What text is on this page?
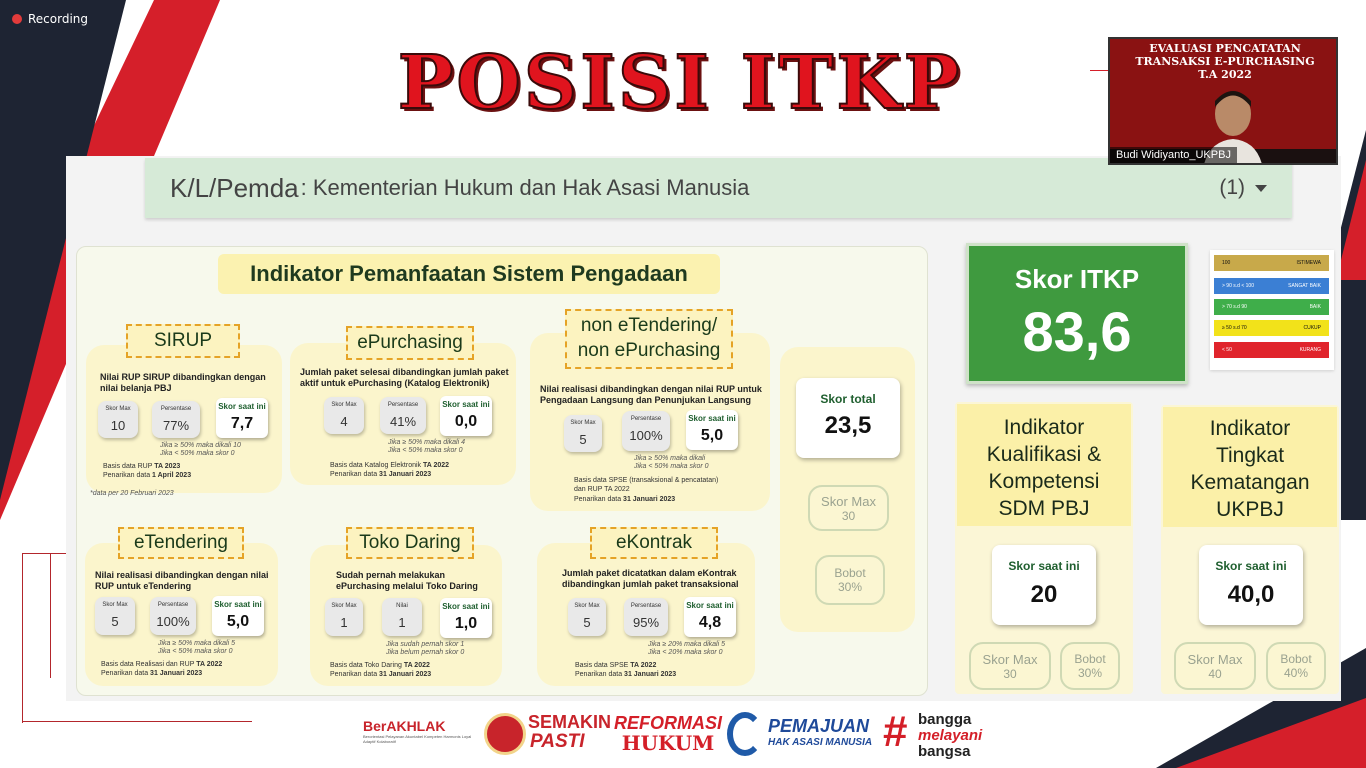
Recording
POSISI ITKP
K/L/Pemda : Kementerian Hukum dan Hak Asasi Manusia	(1)
Indikator Pemanfaatan Sistem Pengadaan
SIRUP
Nilai RUP SIRUP dibandingkan dengan nilai belanja PBJ
Skor Max
10
Persentase
77%
Skor saat ini
7,7
Jika ≥ 50% maka dikali 10
Jika < 50% maka skor 0
Basis data RUP TA 2023
Penarikan data 1 April 2023
*data per 20 Februari 2023
ePurchasing
Jumlah paket selesai dibandingkan jumlah paket aktif untuk ePurchasing (Katalog Elektronik)
Skor Max
4
Persentase
41%
Skor saat ini
0,0
Jika ≥ 50% maka dikali 4
Jika < 50% maka skor 0
Basis data Katalog Elektronik TA 2022
Penarikan data 31 Januari 2023
non eTendering/
non ePurchasing
Nilai realisasi dibandingkan dengan nilai RUP untuk Pengadaan Langsung dan Penunjukan Langsung
Skor Max
5
Persentase
100%
Skor saat ini
5,0
Jika ≥ 50% maka dikali
Jika < 50% maka skor 0
Basis data SPSE (transaksional & pencatatan)
dan RUP TA 2022
Penarikan data 31 Januari 2023
eTendering
Nilai realisasi dibandingkan dengan nilai RUP untuk eTendering
Skor Max
5
Persentase
100%
Skor saat ini
5,0
Jika ≥ 50% maka dikali 5
Jika < 50% maka skor 0
Basis data Realisasi dan RUP TA 2022
Penarikan data 31 Januari 2023
Toko Daring
Sudah pernah melakukan ePurchasing melalui Toko Daring
Skor Max
1
Nilai
1
Skor saat ini
1,0
Jika sudah pernah skor 1
Jika belum pernah skor 0
Basis data Toko Daring TA 2022
Penarikan data 31 Januari 2023
eKontrak
Jumlah paket dicatatkan dalam eKontrak dibandingkan jumlah paket transaksional
Skor Max
5
Persentase
95%
Skor saat ini
4,8
Jika ≥ 20% maka dikali 5
Jika < 20% maka skor 0
Basis data SPSE TA 2022
Penarikan data 31 Januari 2023
Skor total
23,5
Skor Max
30
Bobot
30%
Skor ITKP
83,6
100	ISTIMEWA
> 90 s.d < 100	SANGAT BAIK
> 70 s.d 90	BAIK
≥ 50 s.d 70	CUKUP
< 50	KURANG
Indikator
Kualifikasi &
Kompetensi
SDM PBJ
Skor saat ini
20
Skor Max
30
Bobot
30%
Indikator
Tingkat
Kematangan
UKPBJ
Skor saat ini
40,0
Skor Max
40
Bobot
40%
EVALUASI PENCATATAN
TRANSAKSI E-PURCHASING
T.A 2022
Budi Widiyanto_UKPBJ
BerAKHLAK
Berorientasi Pelayanan Akuntabel Kompeten Harmonis Loyal Adaptif Kolaboratif
SEMAKIN
PASTI
REFORMASI
HUKUM
PEMAJUAN
HAK ASASI MANUSIA # bangga
melayani
bangsa
